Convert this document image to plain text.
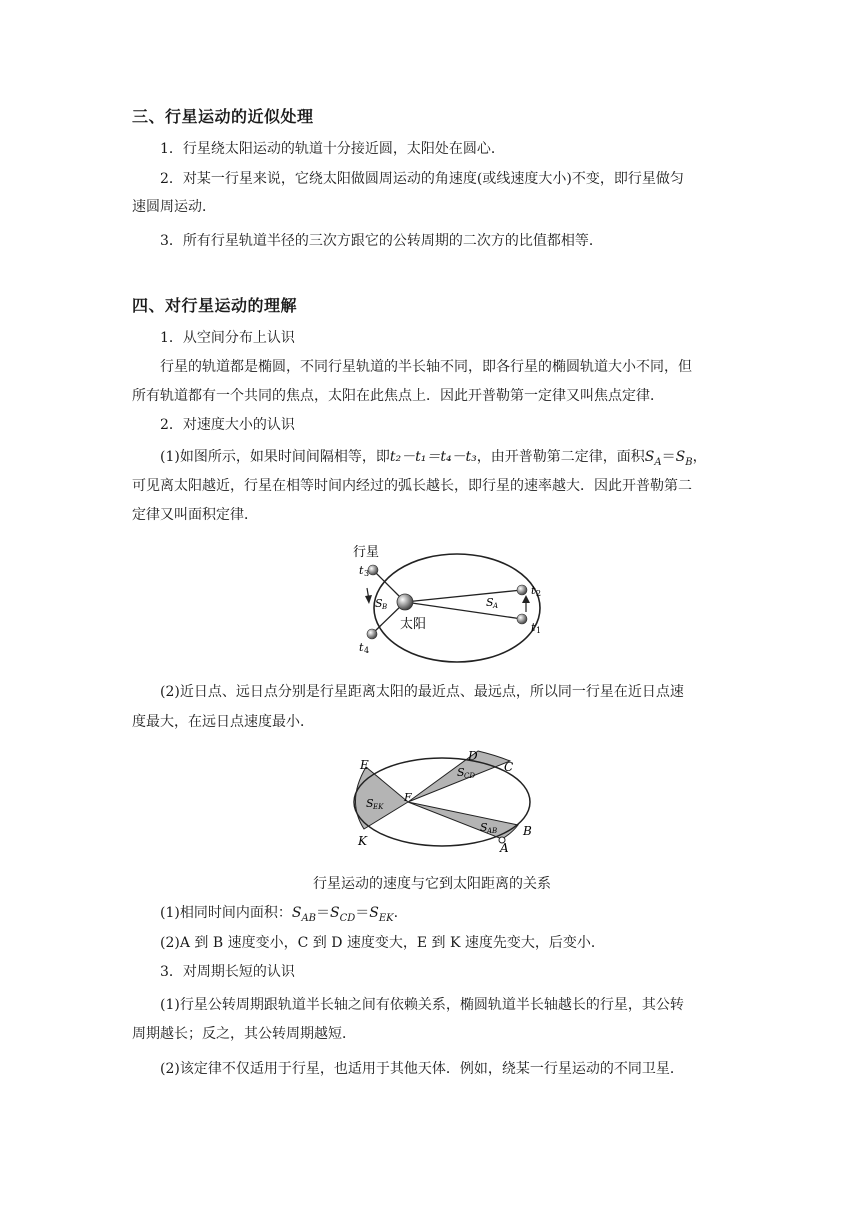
三、行星运动的近似处理
1．行星绕太阳运动的轨道十分接近圆，太阳处在圆心．
2．对某一行星来说，它绕太阳做圆周运动的角速度(或线速度大小)不变，即行星做匀
速圆周运动．
3．所有行星轨道半径的三次方跟它的公转周期的二次方的比值都相等．
四、对行星运动的理解
1．从空间分布上认识
行星的轨道都是椭圆，不同行星轨道的半长轴不同，即各行星的椭圆轨道大小不同，但
所有轨道都有一个共同的焦点，太阳在此焦点上．因此开普勒第一定律又叫焦点定律．
2．对速度大小的认识
(1)如图所示，如果时间间隔相等，即t₂－t₁＝t₄－t₃，由开普勒第二定律，面积$S_A=S_B$，
可见离太阳越近，行星在相等时间内经过的弧长越长，即行星的速率越大．因此开普勒第二
定律又叫面积定律．
行星
太阳
t 3
t 4
t 2
t 1
S B	S A
(2)近日点、远日点分别是行星距离太阳的最近点、最远点，所以同一行星在近日点速
度最大，在远日点速度最小．
E
K
D
C
F
B
A
S CD
S EK
S AB
行星运动的速度与它到太阳距离的关系
(1)相同时间内面积：$S_{AB}=S_{CD}=S_{EK}$.
(2)A 到 B 速度变小，C 到 D 速度变大，E 到 K 速度先变大，后变小．
3．对周期长短的认识
(1)行星公转周期跟轨道半长轴之间有依赖关系，椭圆轨道半长轴越长的行星，其公转
周期越长；反之，其公转周期越短．
(2)该定律不仅适用于行星，也适用于其他天体．例如，绕某一行星运动的不同卫星．
